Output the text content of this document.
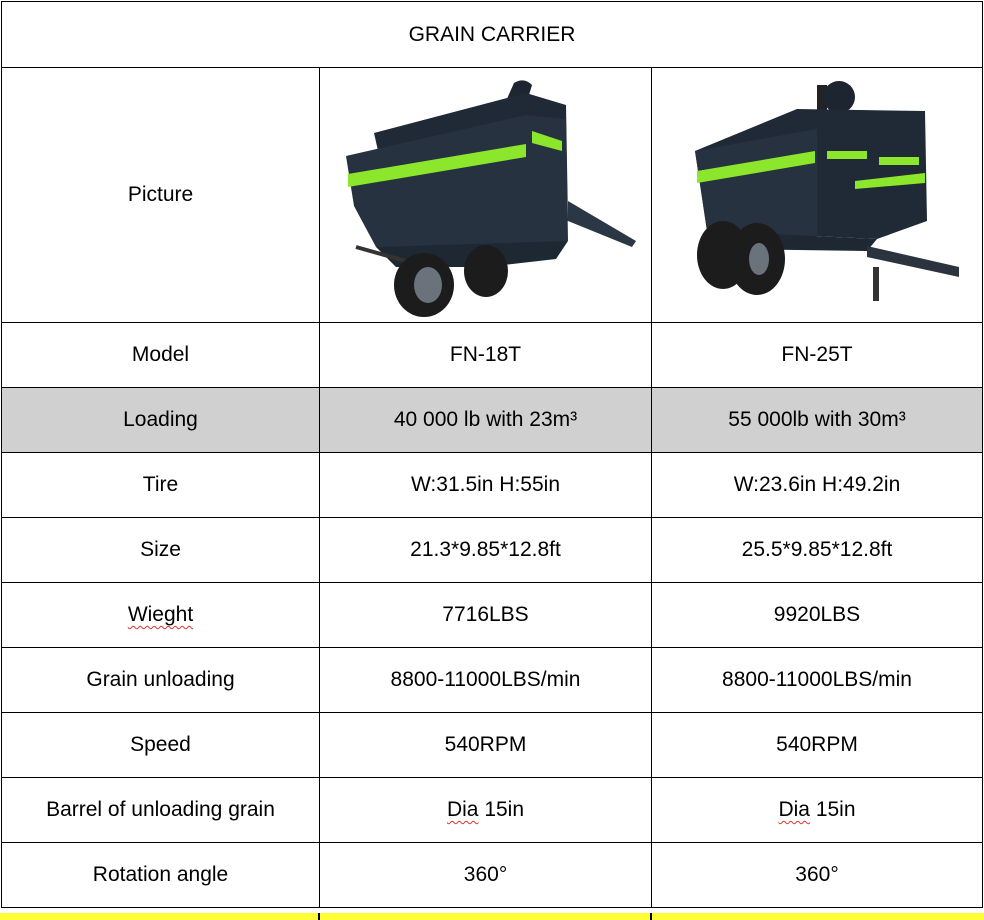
GRAIN CARRIER		
Picture	

Model	FN-18T	FN-25T
Loading	40 000 lb with 23m³	55 000lb with 30m³
Tire	W:31.5in H:55in	W:23.6in H:49.2in
Size	21.3*9.85*12.8ft	25.5*9.85*12.8ft
Wieght	7716LBS	9920LBS
Grain unloading	8800-11000LBS/min	8800-11000LBS/min
Speed	540RPM	540RPM
Barrel of unloading grain	Dia 15in	Dia 15in
Rotation angle	360°	360°
